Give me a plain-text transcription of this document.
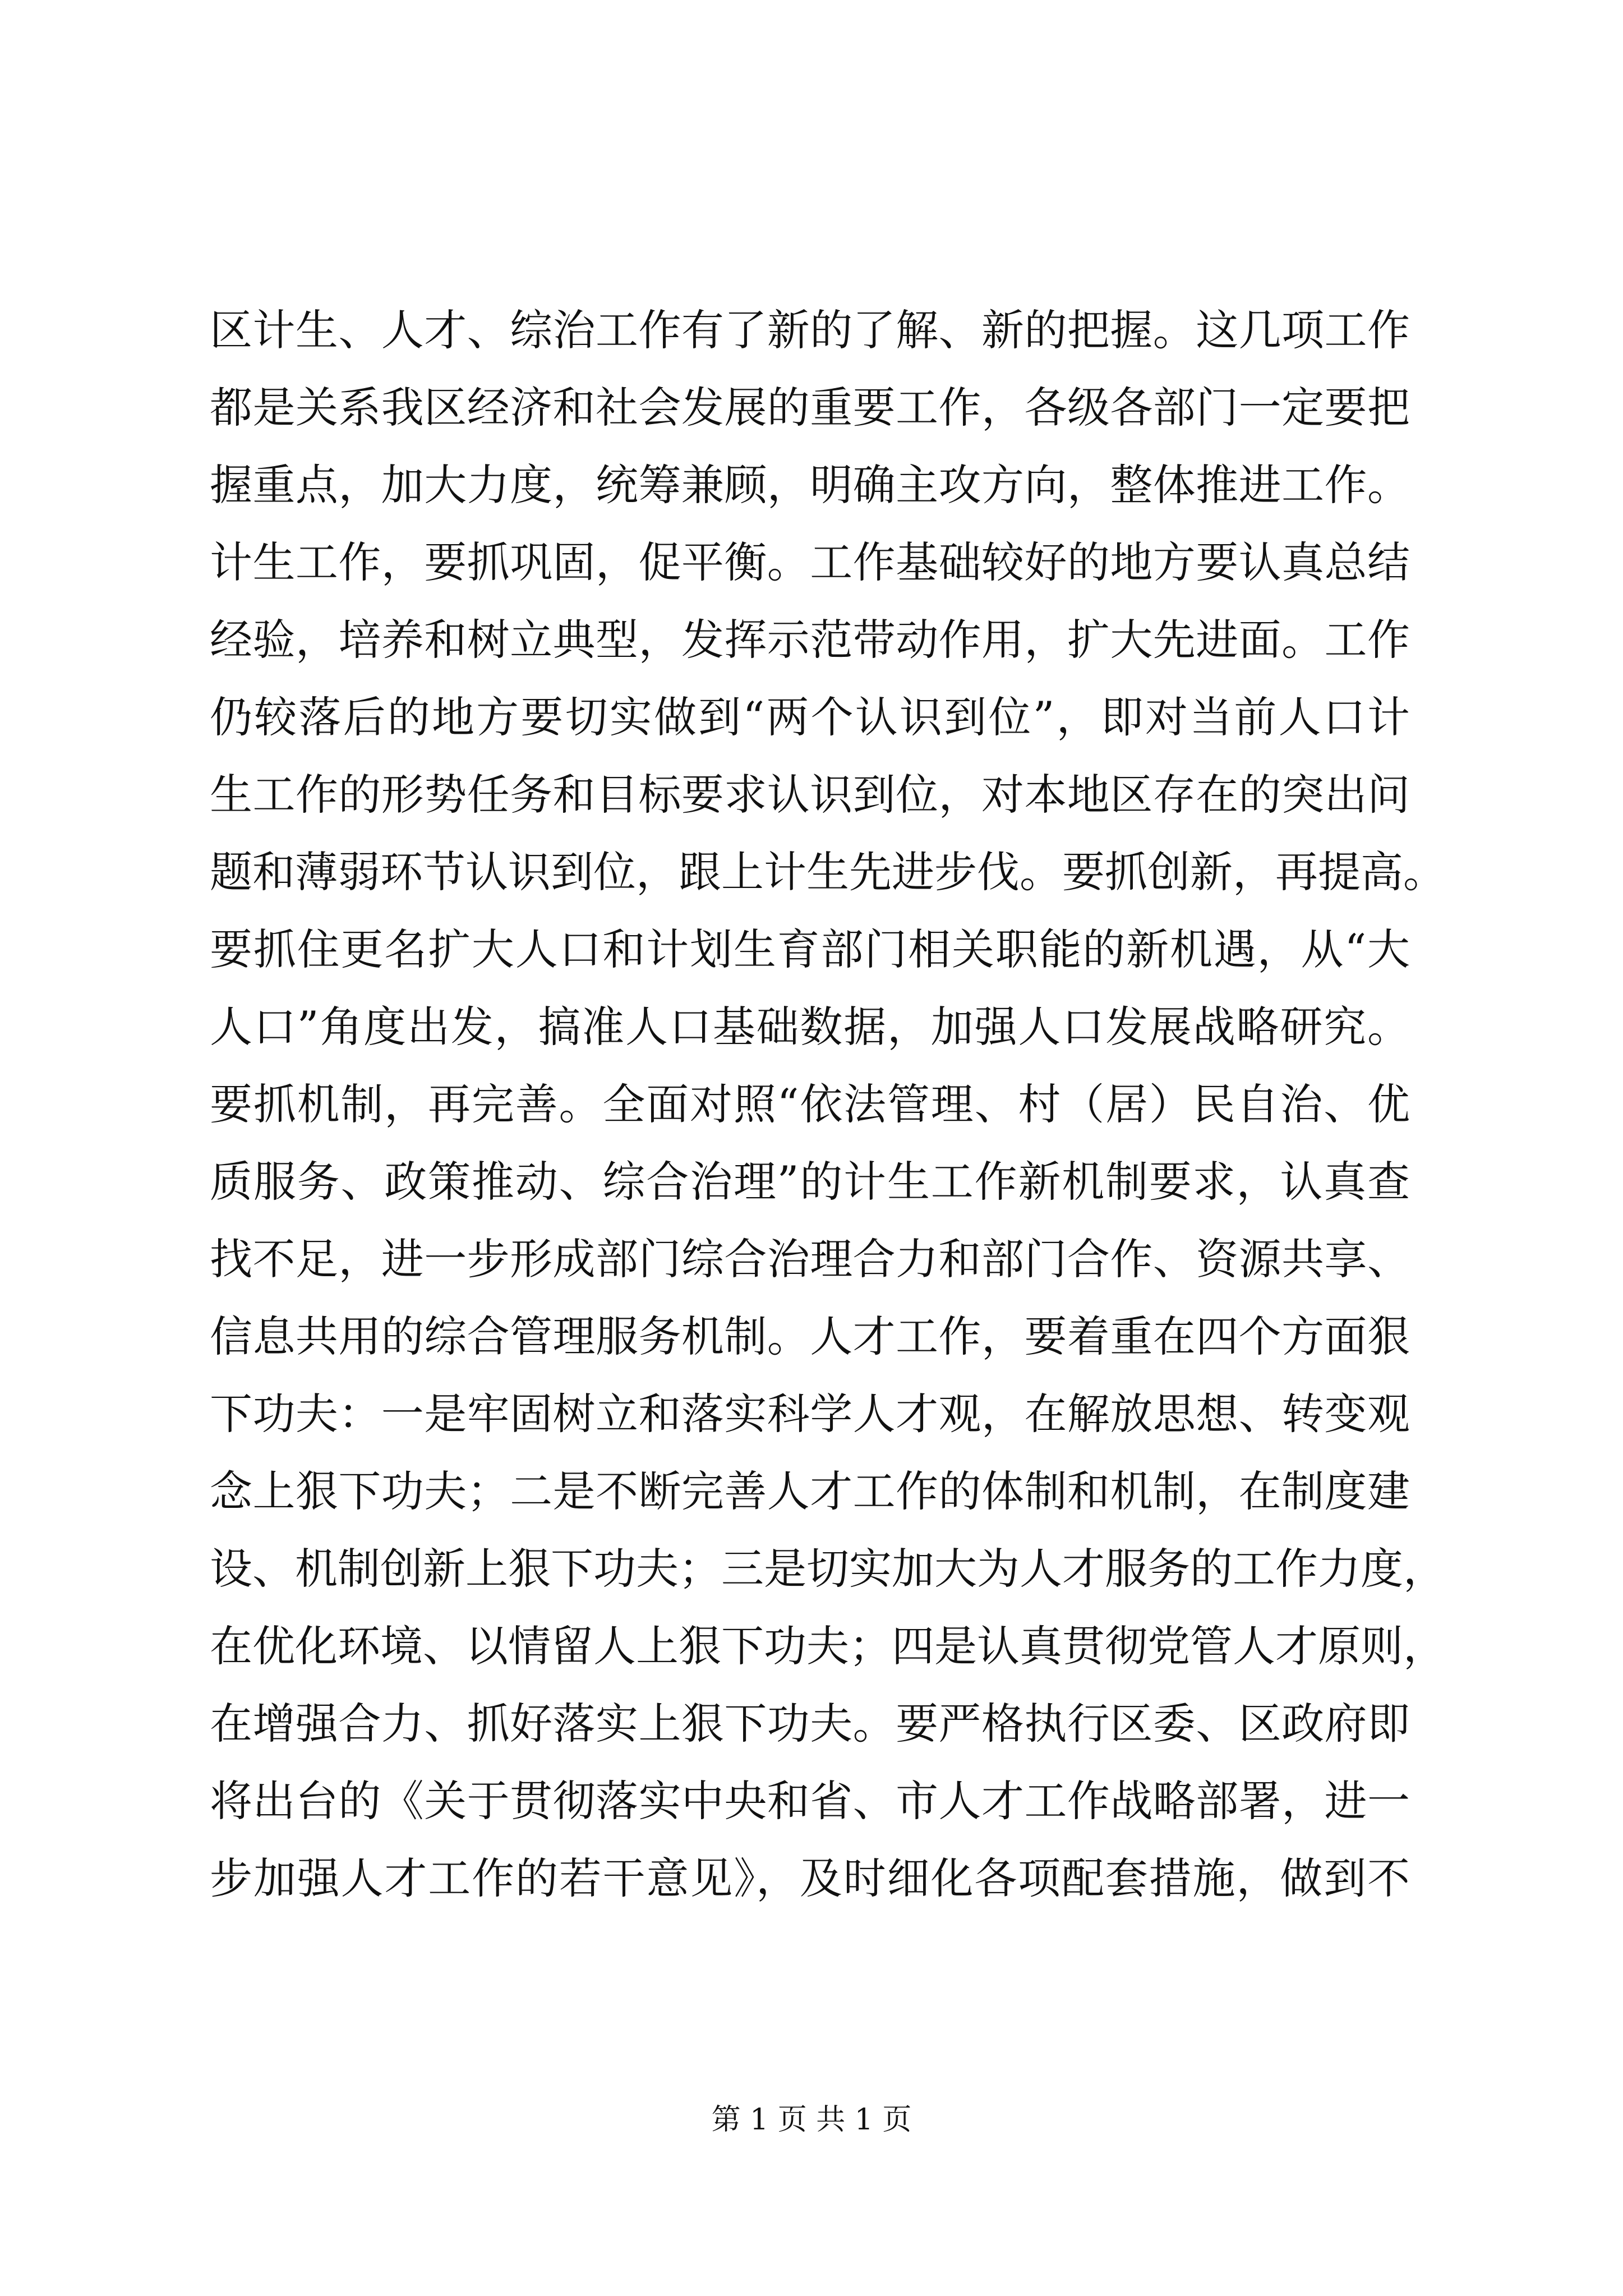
区计生、人才、综治工作有了新的了解、新的把握。这几项工作
都是关系我区经济和社会发展的重要工作，各级各部门一定要把
握重点，加大力度，统筹兼顾，明确主攻方向，整体推进工作。
计生工作，要抓巩固，促平衡。工作基础较好的地方要认真总结
经验，培养和树立典型，发挥示范带动作用，扩大先进面。工作
仍较落后的地方要切实做到“两个认识到位”，即对当前人口计
生工作的形势任务和目标要求认识到位，对本地区存在的突出问
题和薄弱环节认识到位，跟上计生先进步伐。要抓创新，再提高。
要抓住更名扩大人口和计划生育部门相关职能的新机遇，从“大
人口”角度出发，搞准人口基础数据，加强人口发展战略研究。
要抓机制，再完善。全面对照“依法管理、村（居）民自治、优
质服务、政策推动、综合治理”的计生工作新机制要求，认真查
找不足，进一步形成部门综合治理合力和部门合作、资源共享、
信息共用的综合管理服务机制。人才工作，要着重在四个方面狠
下功夫：一是牢固树立和落实科学人才观，在解放思想、转变观
念上狠下功夫；二是不断完善人才工作的体制和机制，在制度建
设、机制创新上狠下功夫；三是切实加大为人才服务的工作力度，
在优化环境、以情留人上狠下功夫；四是认真贯彻党管人才原则，
在增强合力、抓好落实上狠下功夫。要严格执行区委、区政府即
将出台的《关于贯彻落实中央和省、市人才工作战略部署，进一
步加强人才工作的若干意见》，及时细化各项配套措施，做到不
第 1 页 共 1 页
